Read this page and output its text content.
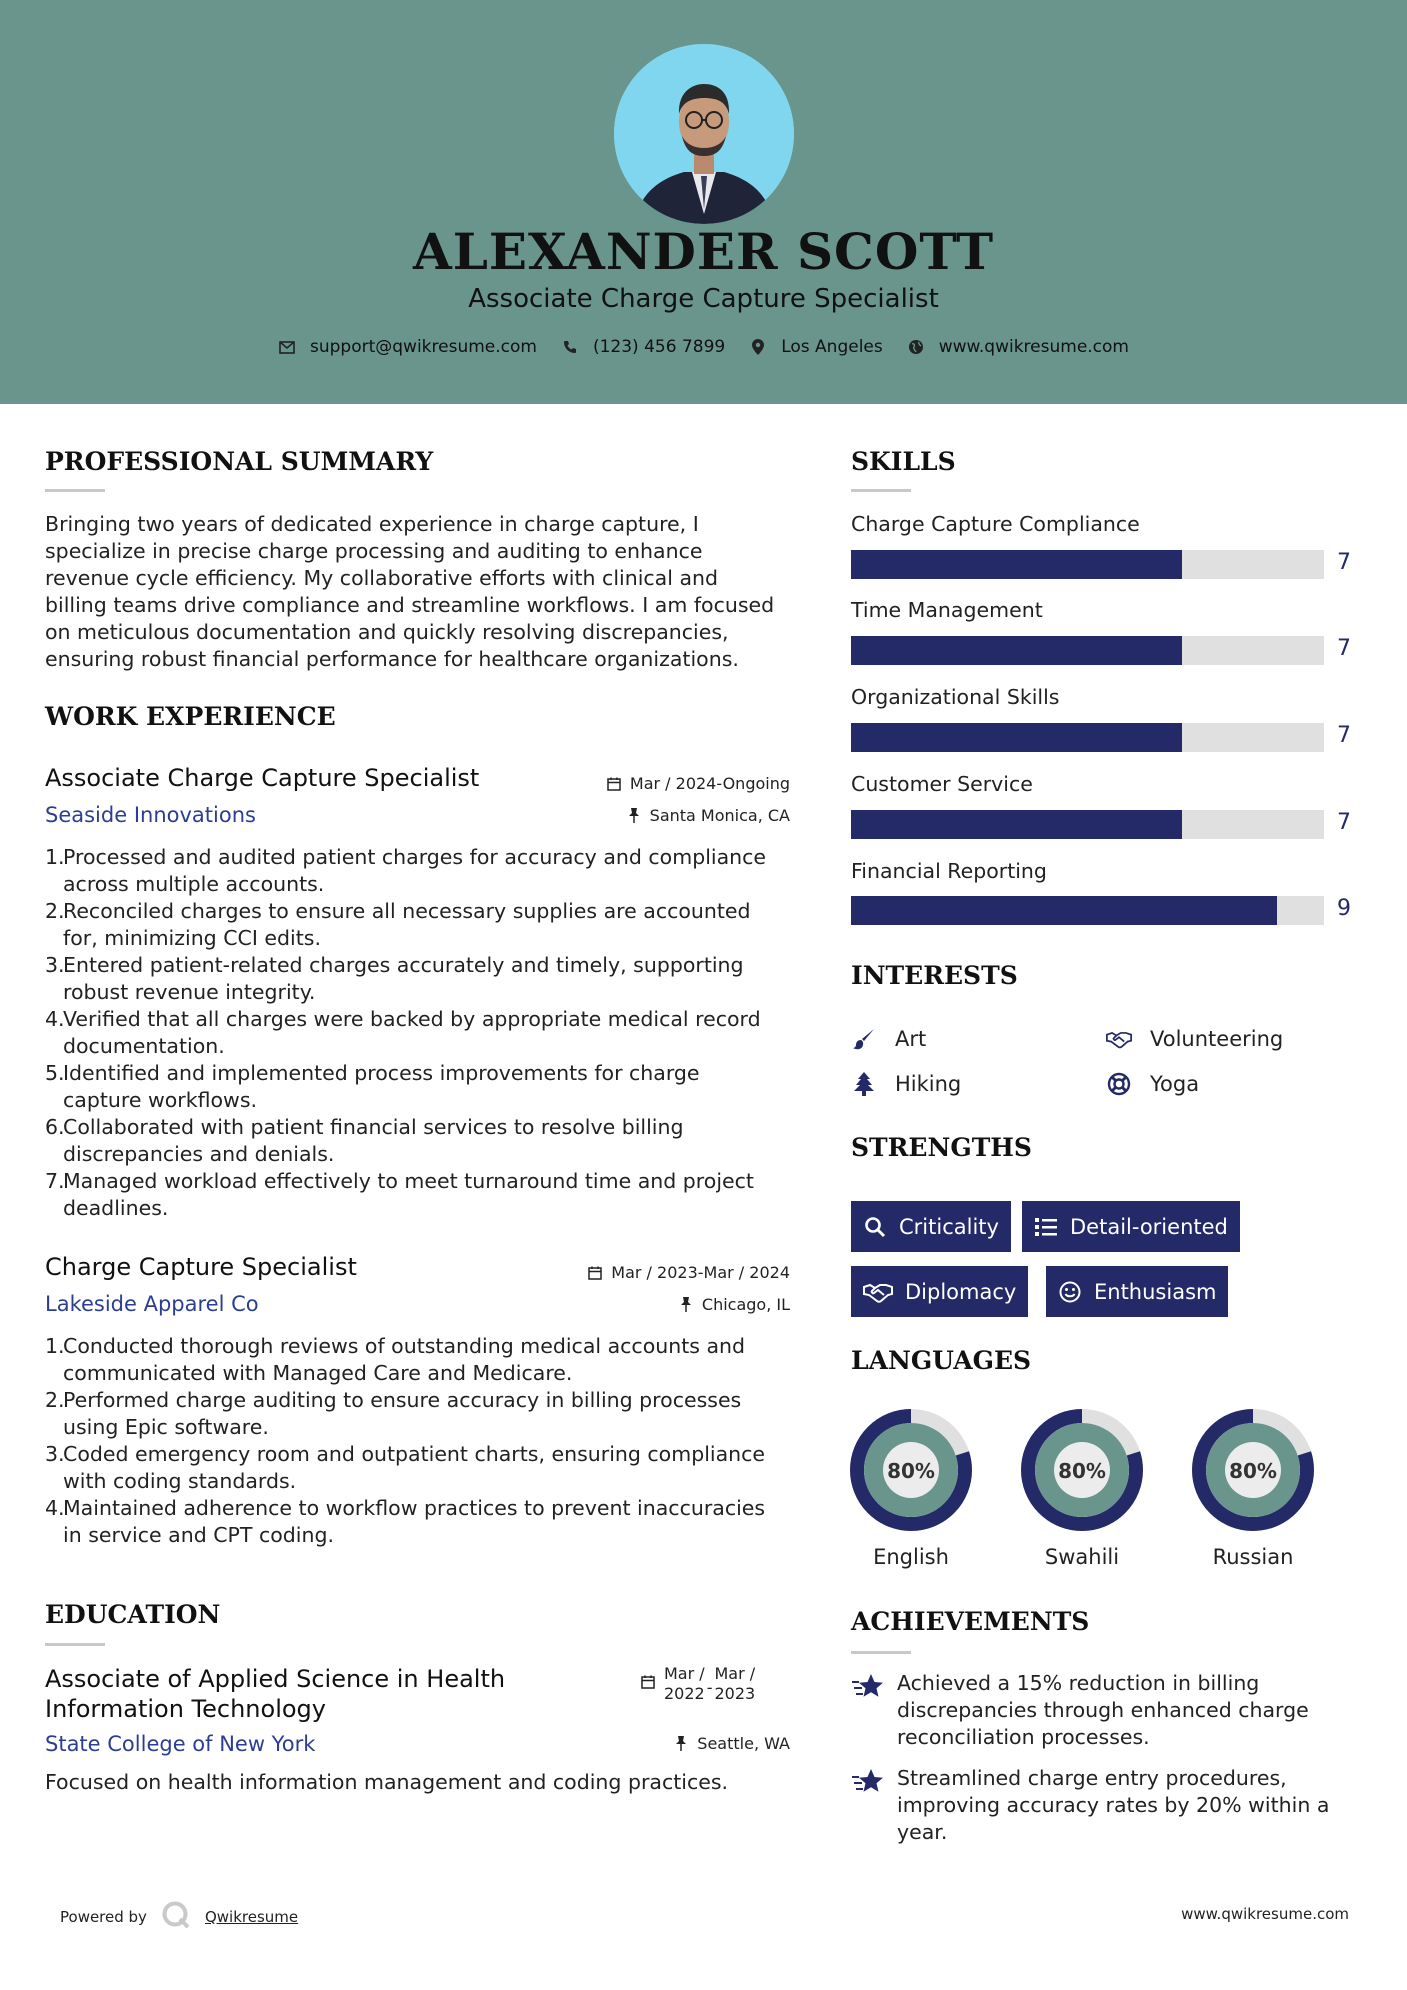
ALEXANDER SCOTT
Associate Charge Capture Specialist
support@qwikresume.com	(123) 456 7899	Los Angeles	www.qwikresume.com
PROFESSIONAL SUMMARY
Bringing two years of dedicated experience in charge capture, I
specialize in precise charge processing and auditing to enhance
revenue cycle efficiency. My collaborative efforts with clinical and
billing teams drive compliance and streamline workflows. I am focused
on meticulous documentation and quickly resolving discrepancies,
ensuring robust financial performance for healthcare organizations.
WORK EXPERIENCE
Associate Charge Capture Specialist
Seaside Innovations
Mar / 2024-Ongoing
Santa Monica, CA
1.
Processed and audited patient charges for accuracy and compliance
across multiple accounts.
2.
Reconciled charges to ensure all necessary supplies are accounted
for, minimizing CCI edits.
3.
Entered patient-related charges accurately and timely, supporting
robust revenue integrity.
4.
Verified that all charges were backed by appropriate medical record
documentation.
5.
Identified and implemented process improvements for charge
capture workflows.
6.
Collaborated with patient financial services to resolve billing
discrepancies and denials.
7.
Managed workload effectively to meet turnaround time and project
deadlines.
Charge Capture Specialist
Lakeside Apparel Co
Mar / 2023-Mar / 2024
Chicago, IL
1.
Conducted thorough reviews of outstanding medical accounts and
communicated with Managed Care and Medicare.
2.
Performed charge auditing to ensure accuracy in billing processes
using Epic software.
3.
Coded emergency room and outpatient charts, ensuring compliance
with coding standards.
4.
Maintained adherence to workflow practices to prevent inaccuracies
in service and CPT coding.
EDUCATION
Associate of Applied Science in Health
Information Technology
Mar /
2022 -
Mar /
2023
State College of New York	Seattle, WA
Focused on health information management and coding practices.
SKILLS
Charge Capture Compliance
7
Time Management
7
Organizational Skills
7
Customer Service
7
Financial Reporting
9
INTERESTS
Art	Volunteering
Hiking	Yoga
STRENGTHS
Criticality	Detail-oriented
Diplomacy	Enthusiasm
LANGUAGES
80%
English
80%
Swahili
80%
Russian
ACHIEVEMENTS
Achieved a 15% reduction in billing
discrepancies through enhanced charge
reconciliation processes.
Streamlined charge entry procedures,
improving accuracy rates by 20% within a
year.
Powered by	Qwikresume	www.qwikresume.com
